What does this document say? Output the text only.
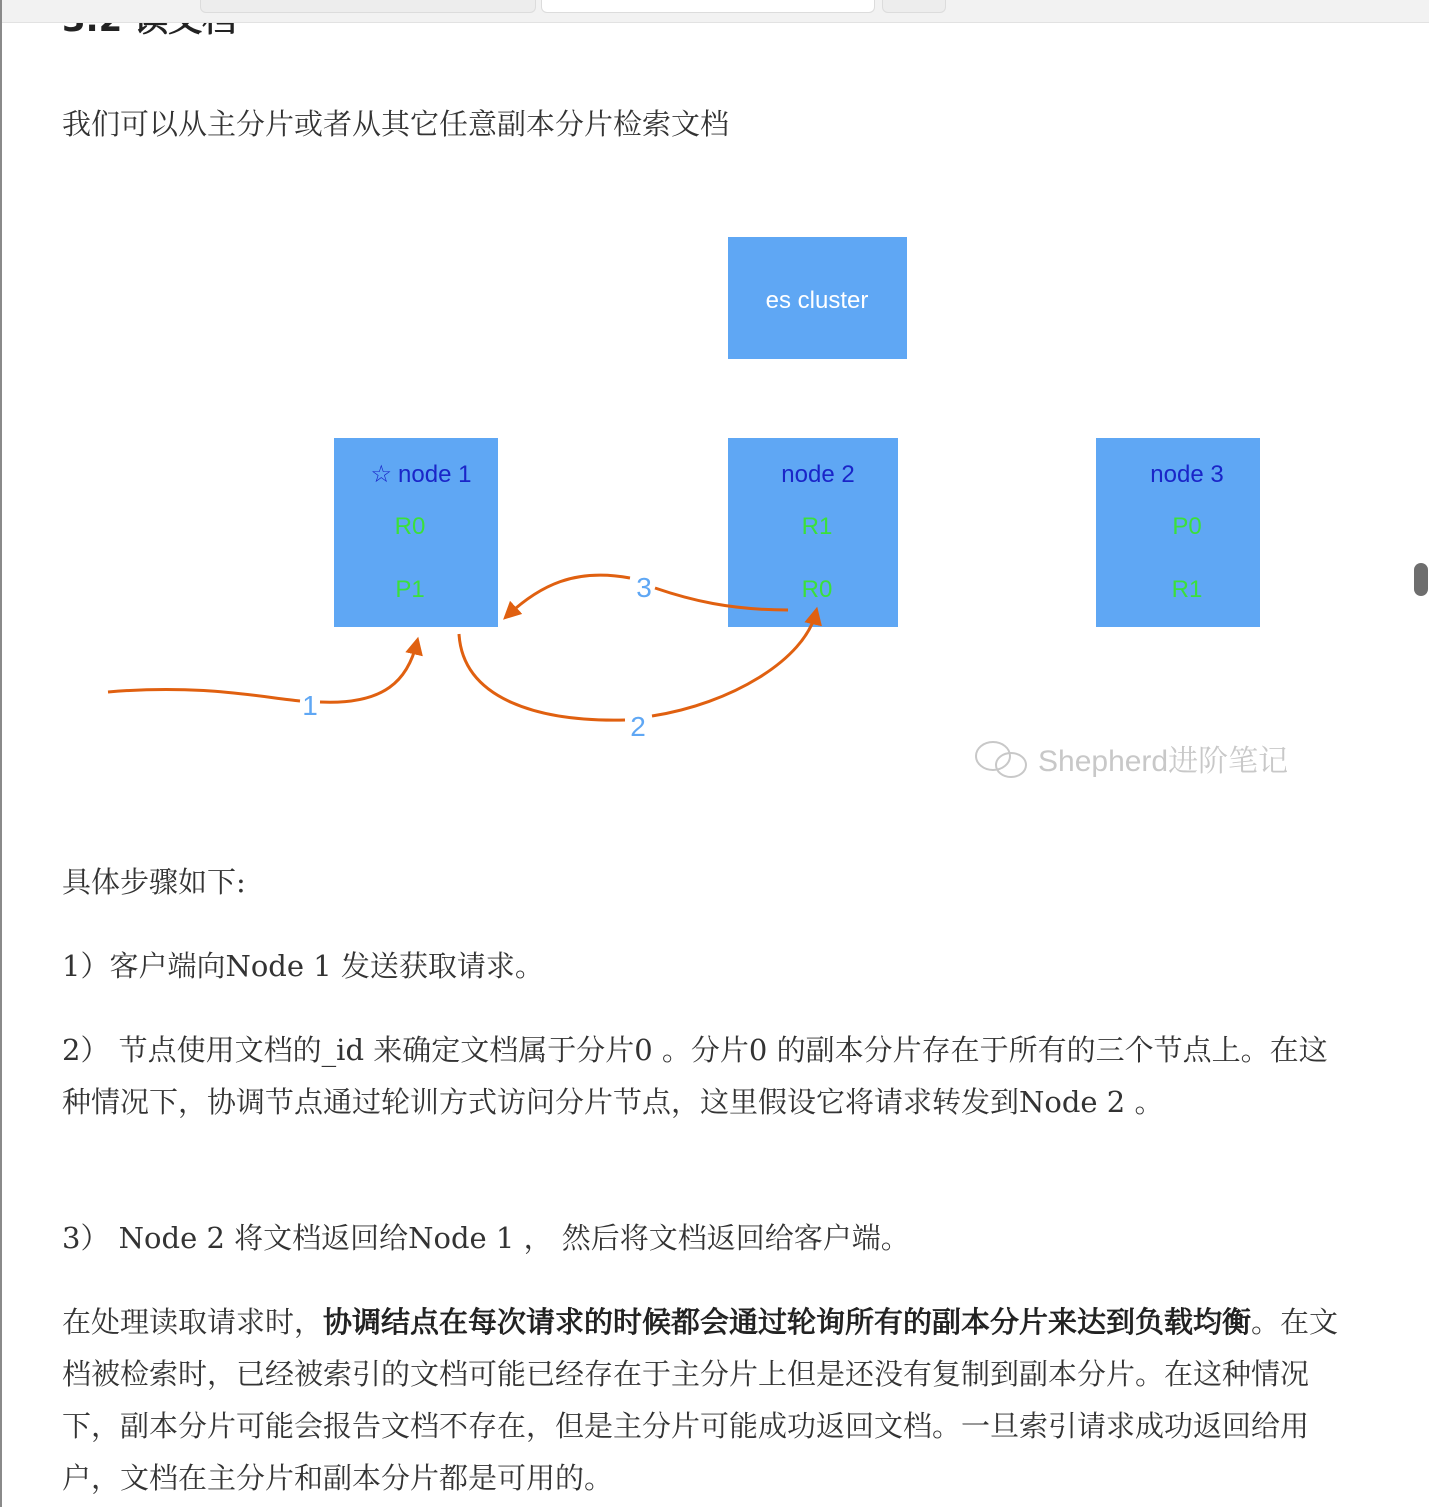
我们可以从主分片或者从其它任意副本分片检索文档

es cluster
☆ node 1
R0
P1
node 2
R1
R0
node 3
P0
R1
1
2
3
Shepherd进阶笔记

具体步骤如下:

1）客户端向Node 1 发送获取请求。

2） 节点使用文档的_id 来确定文档属于分片0 。分片0 的副本分片存在于所有的三个节点上。在这种情况下，协调节点通过轮训方式访问分片节点，这里假设它将请求转发到Node 2 。

3） Node 2 将文档返回给Node 1 ， 然后将文档返回给客户端。

在处理读取请求时，协调结点在每次请求的时候都会通过轮询所有的副本分片来达到负载均衡。在文档被检索时，已经被索引的文档可能已经存在于主分片上但是还没有复制到副本分片。在这种情况下，副本分片可能会报告文档不存在，但是主分片可能成功返回文档。一旦索引请求成功返回给用户，文档在主分片和副本分片都是可用的。
